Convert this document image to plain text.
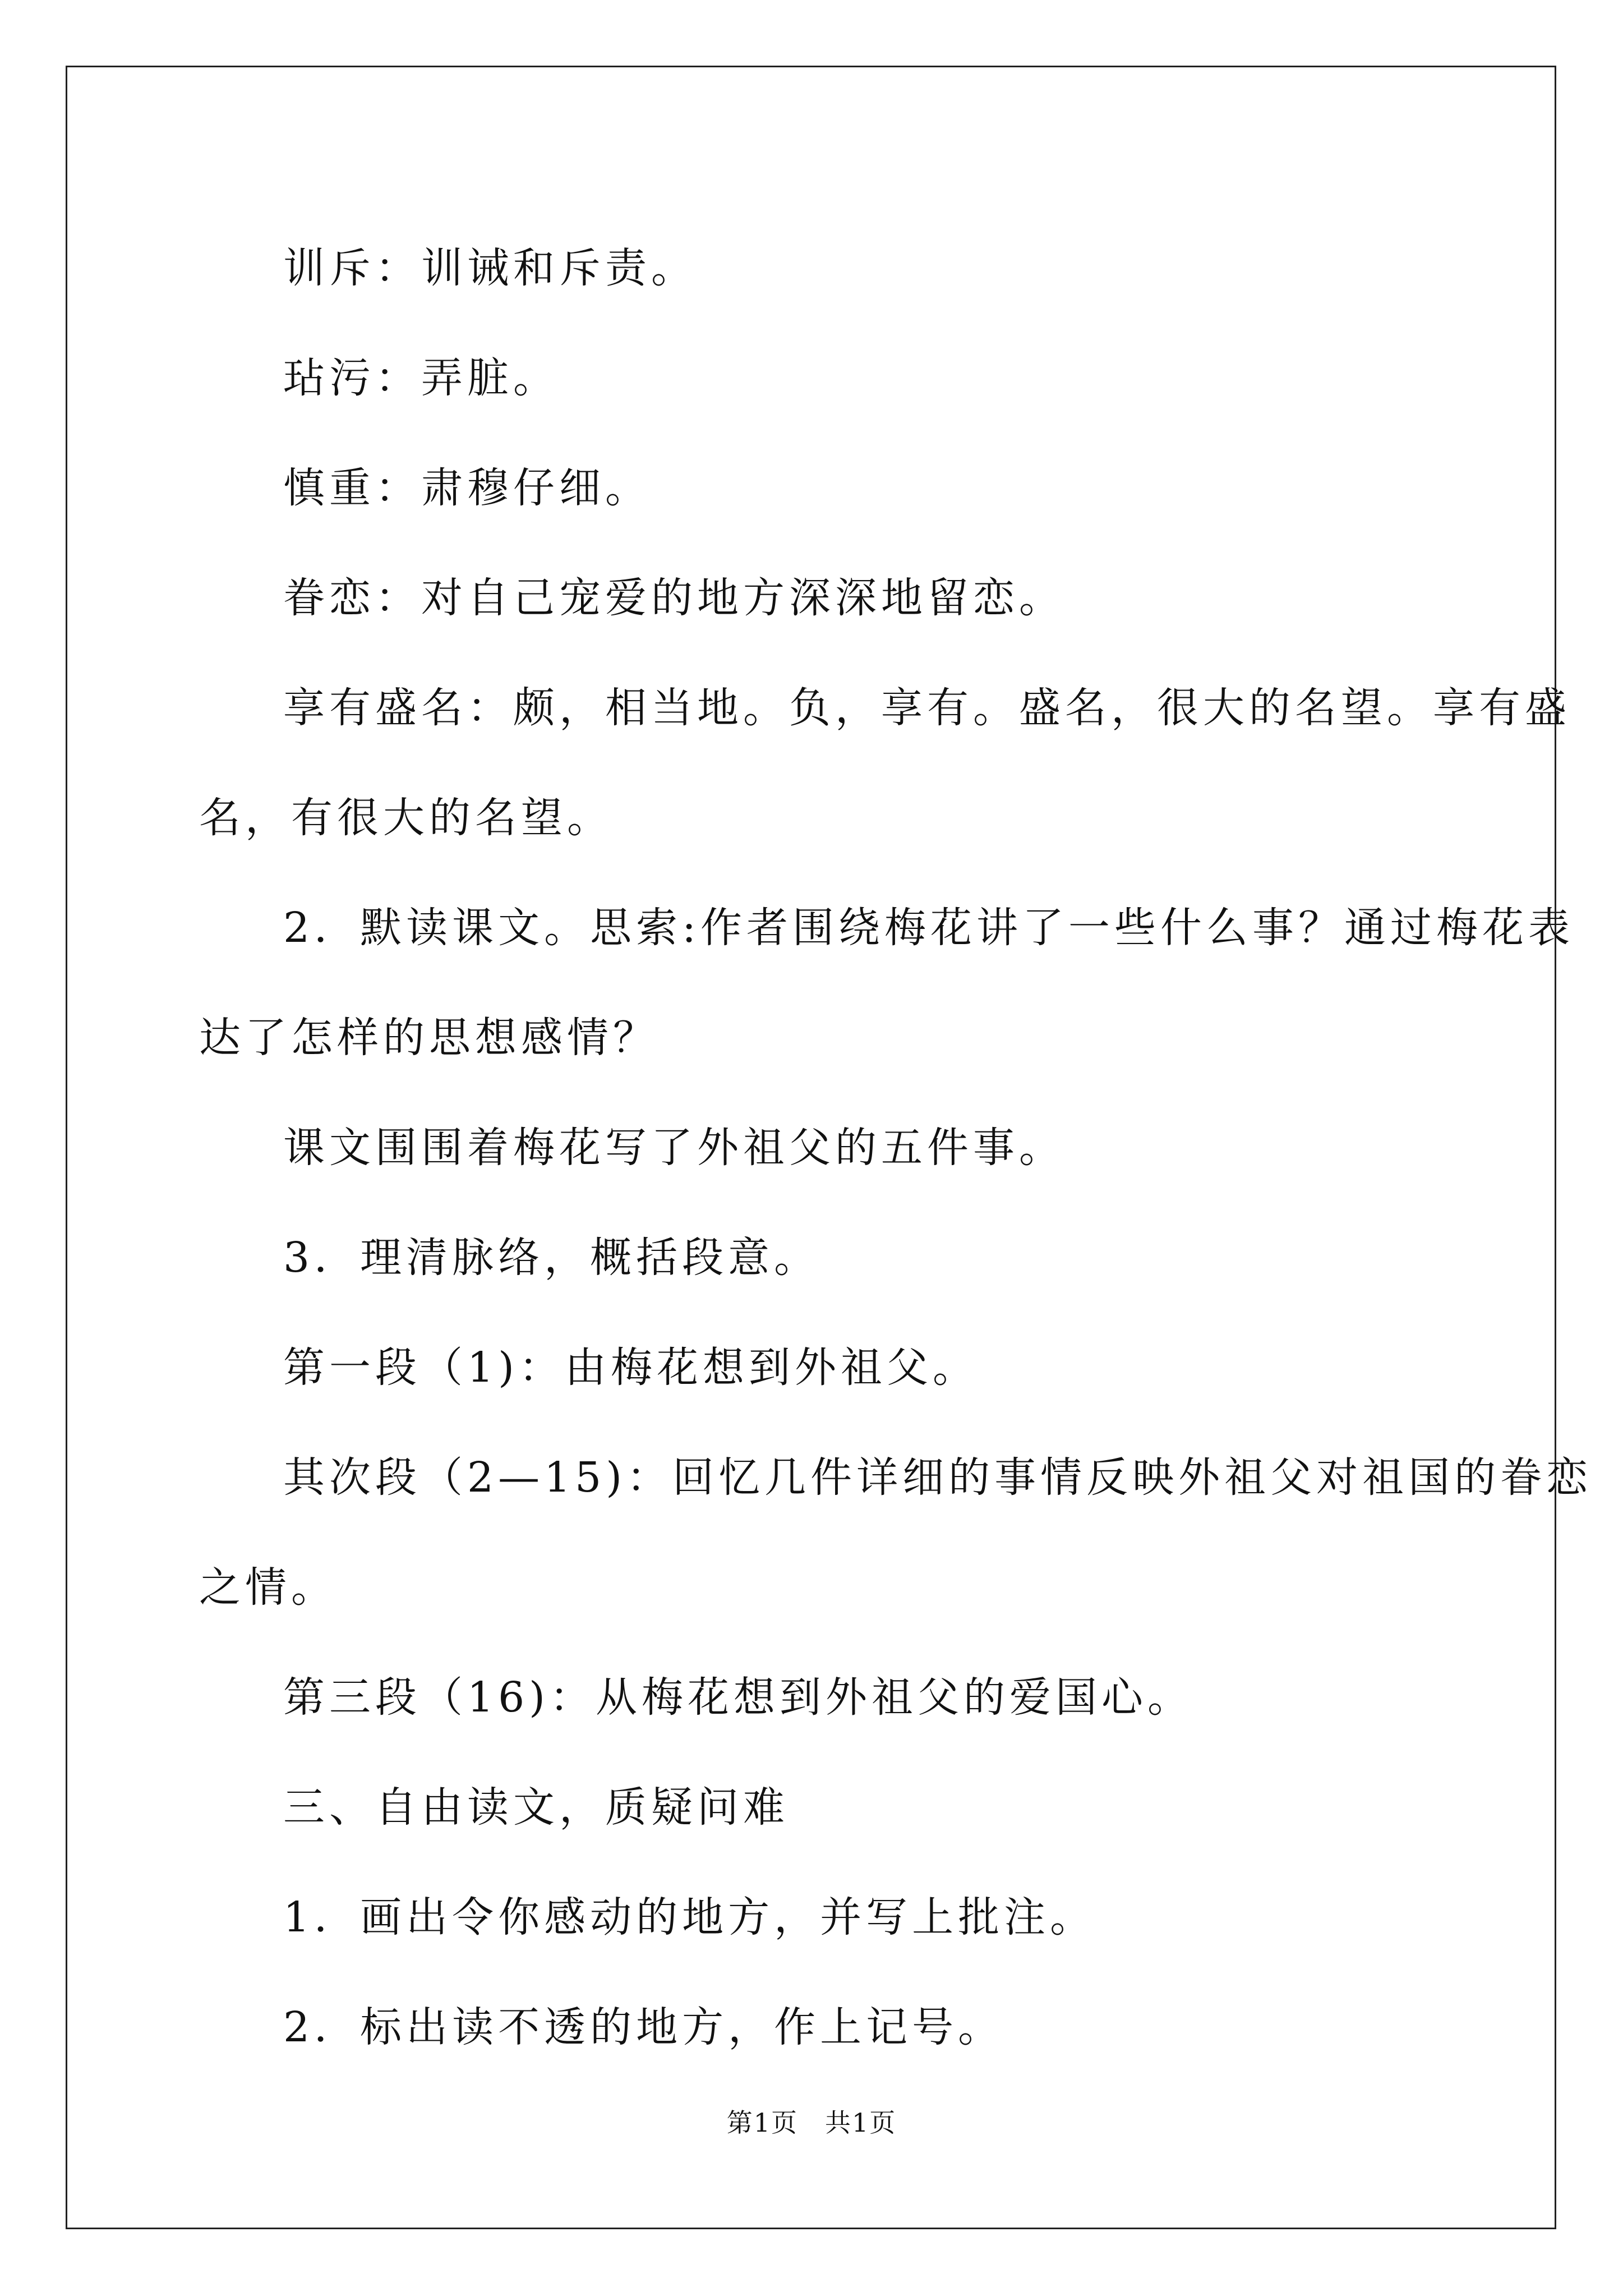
训斥：训诫和斥责。

玷污：弄脏。

慎重：肃穆仔细。

眷恋：对自己宠爱的地方深深地留恋。

享有盛名：颇，相当地。负，享有。盛名，很大的名望。享有盛

名，有很大的名望。

2．默读课文。思索:作者围绕梅花讲了一些什么事？通过梅花表

达了怎样的思想感情？

课文围围着梅花写了外祖父的五件事。

3．理清脉络，概括段意。

第一段（1)：由梅花想到外祖父。

其次段（2—15)：回忆几件详细的事情反映外祖父对祖国的眷恋

之情。

第三段（16)：从梅花想到外祖父的爱国心。

三、自由读文，质疑问难

1．画出令你感动的地方，并写上批注。

2．标出读不透的地方，作上记号。

第1页　共1页
